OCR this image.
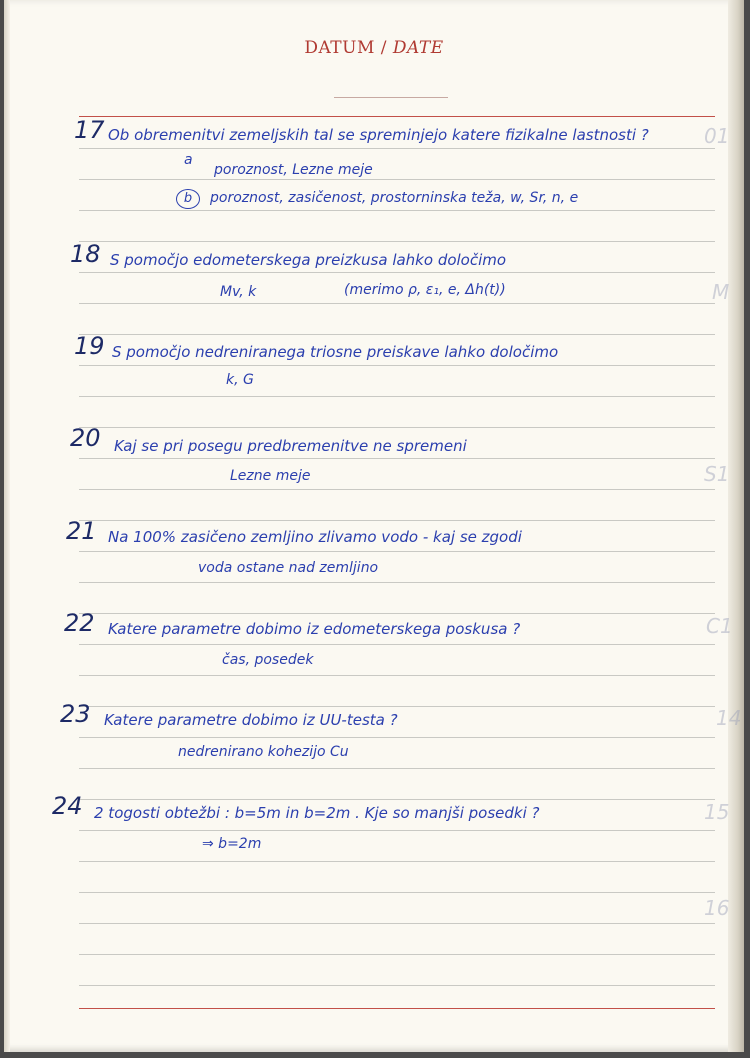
DATUM / DATE
01
M
S1
C1
14
15
16
17 Ob obremenitvi zemeljskih tal se spreminjejo katere fizikalne lastnosti ?
a
poroznost, Lezne meje
b poroznost, zasičenost, prostorninska teža, w, Sr, n, e
18 S pomočjo edometerskega preizkusa lahko določimo
Mv, k	(merimo ρ, ε₁, e, Δh(t))
19 S pomočjo nedreniranega triosne preiskave lahko določimo
k, G
20 Kaj se pri posegu predbremenitve ne spremeni
Lezne meje
21 Na 100% zasičeno zemljino zlivamo vodo - kaj se zgodi
voda ostane nad zemljino
22 Katere parametre dobimo iz edometerskega poskusa ?
čas, posedek
23 Katere parametre dobimo iz UU-testa ?
nedrenirano kohezijo Cu
24 2 togosti obtežbi : b=5m in b=2m . Kje so manjši posedki ?
⇒ b=2m
